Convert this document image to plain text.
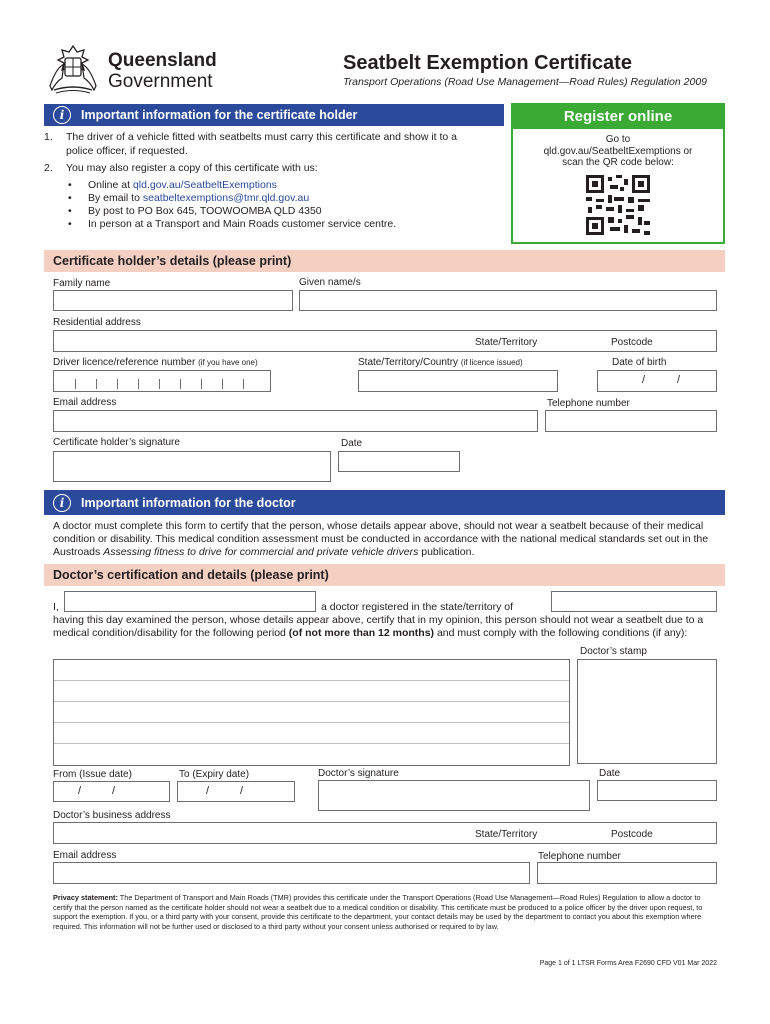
Queensland
Government
Seatbelt Exemption Certificate
Transport Operations (Road Use Management—Road Rules) Regulation 2009
i	Important information for the certificate holder
1.	The driver of a vehicle fitted with seatbelts must carry this certificate and show it to a police officer, if requested.
2.	You may also register a copy of this certificate with us:
•	Online at qld.gov.au/SeatbeltExemptions
•	By email to seatbeltexemptions@tmr.qld.gov.au
•	By post to PO Box 645, TOOWOOMBA QLD 4350
•	In person at a Transport and Main Roads customer service centre.
Register online
Go to
qld.gov.au/SeatbeltExemptions or
scan the QR code below:
Certificate holder’s details (please print)
Family name	Given name/s
Residential address
State/Territory	Postcode
Driver licence/reference number (if you have one)	State/Territory/Country (if licence issued)	Date of birth
/	/
Email address	Telephone number
Certificate holder’s signature	Date
i	Important information for the doctor
A doctor must complete this form to certify that the person, whose details appear above, should not wear a seatbelt because of their medical condition or disability. This medical condition assessment must be conducted in accordance with the national medical standards set out in the Austroads Assessing fitness to drive for commercial and private vehicle drivers publication.
Doctor’s certification and details (please print)
I,	a doctor registered in the state/territory of
having this day examined the person, whose details appear above, certify that in my opinion, this person should not wear a seatbelt due to a medical condition/disability for the following period (of not more than 12 months) and must comply with the following conditions (if any):
Doctor’s stamp
From (Issue date)	To (Expiry date)	Doctor’s signature	Date
/	/	/	/
Doctor’s business address
State/Territory	Postcode
Email address	Telephone number
Privacy statement: The Department of Transport and Main Roads (TMR) provides this certificate under the Transport Operations (Road Use Management—Road Rules) Regulation to allow a doctor to certify that the person named as the certificate holder should not wear a seatbelt due to a medical condition or disability. This certificate must be produced to a police officer by the driver upon request, to support the exemption. If you, or a third party with your consent, provide this certificate to the department, your contact details may be used by the department to contact you about this exemption where required. This information will not be further used or disclosed to a third party without your consent unless authorised or required to by law.
Page 1 of 1 LTSR Forms Area F2690 CFD V01 Mar 2022
